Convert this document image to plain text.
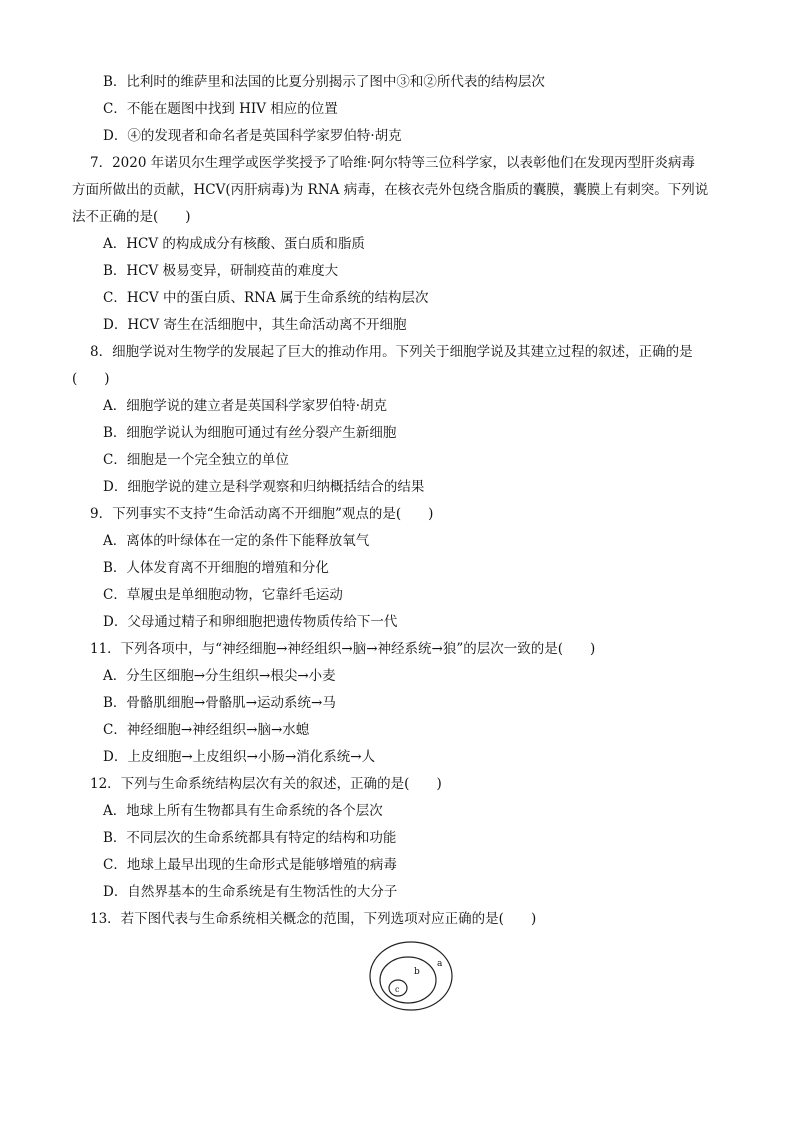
B．比利时的维萨里和法国的比夏分别揭示了图中③和②所代表的结构层次
C．不能在题图中找到 HIV 相应的位置
D．④的发现者和命名者是英国科学家罗伯特·胡克
7．2020 年诺贝尔生理学或医学奖授予了哈维·阿尔特等三位科学家，以表彰他们在发现丙型肝炎病毒
方面所做出的贡献，HCV(丙肝病毒)为 RNA 病毒，在核衣壳外包绕含脂质的囊膜，囊膜上有刺突。下列说
法不正确的是(　　)
A．HCV 的构成成分有核酸、蛋白质和脂质
B．HCV 极易变异，研制疫苗的难度大
C．HCV 中的蛋白质、RNA 属于生命系统的结构层次
D．HCV 寄生在活细胞中，其生命活动离不开细胞
8．细胞学说对生物学的发展起了巨大的推动作用。下列关于细胞学说及其建立过程的叙述，正确的是
(　　)
A．细胞学说的建立者是英国科学家罗伯特·胡克
B．细胞学说认为细胞可通过有丝分裂产生新细胞
C．细胞是一个完全独立的单位
D．细胞学说的建立是科学观察和归纳概括结合的结果
9．下列事实不支持“生命活动离不开细胞”观点的是(　　)
A．离体的叶绿体在一定的条件下能释放氧气
B．人体发育离不开细胞的增殖和分化
C．草履虫是单细胞动物，它靠纤毛运动
D．父母通过精子和卵细胞把遗传物质传给下一代
11．下列各项中，与“神经细胞→神经组织→脑→神经系统→狼”的层次一致的是(　　)
A．分生区细胞→分生组织→根尖→小麦
B．骨骼肌细胞→骨骼肌→运动系统→马
C．神经细胞→神经组织→脑→水螅
D．上皮细胞→上皮组织→小肠→消化系统→人
12．下列与生命系统结构层次有关的叙述，正确的是(　　)
A．地球上所有生物都具有生命系统的各个层次
B．不同层次的生命系统都具有特定的结构和功能
C．地球上最早出现的生命形式是能够增殖的病毒
D．自然界基本的生命系统是有生物活性的大分子
13．若下图代表与生命系统相关概念的范围，下列选项对应正确的是(　　)
a
b
c
